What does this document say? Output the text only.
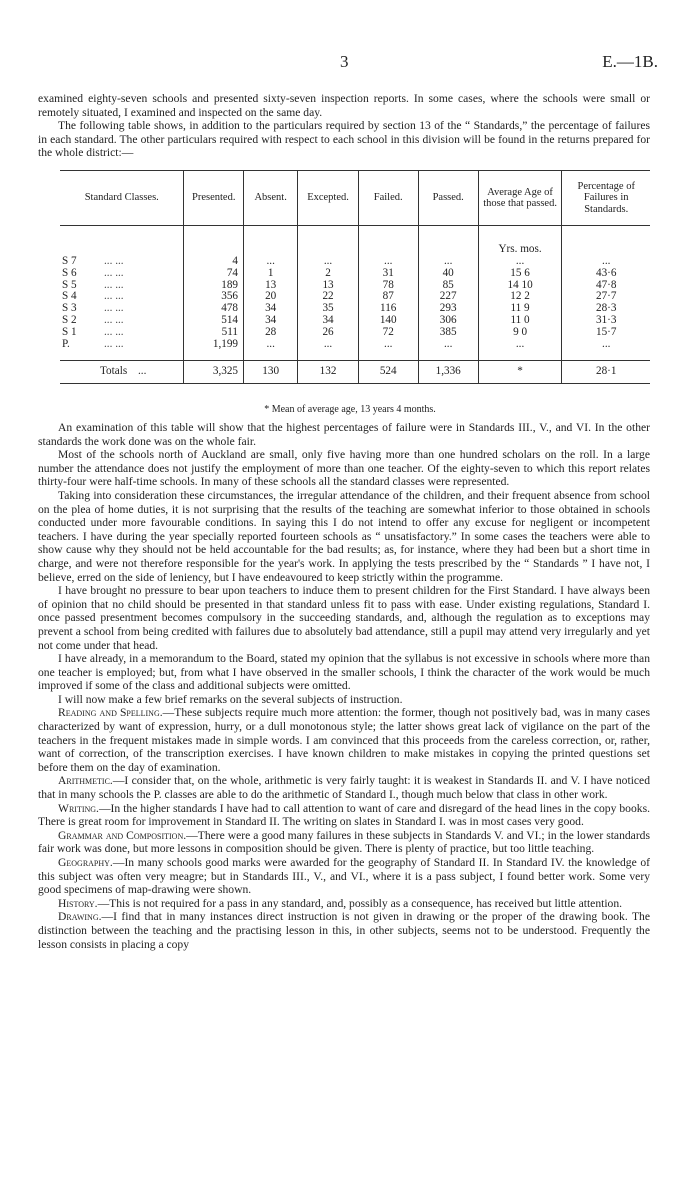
3	E.—1B.

examined eighty-seven schools and presented sixty-seven inspection reports. In some cases, where the schools were small or remotely situated, I examined and inspected on the same day.

The following table shows, in addition to the particulars required by section 13 of the “ Standards,” the percentage of failures in each standard. The other particulars required with respect to each school in this division will be found in the returns prepared for the whole district:—

Standard Classes.	Presented.	Absent.	Excepted.	Failed.	Passed.	Average Age of those that passed.	Percentage of Failures in Standards.

						Yrs. mos.	
S 7 ... ...	4	...	...	...	...	...	...
S 6 ... ...	74	1	2	31	40	15 6	43·6
S 5 ... ...	189	13	13	78	85	14 10	47·8
S 4 ... ...	356	20	22	87	227	12 2	27·7
S 3 ... ...	478	34	35	116	293	11 9	28·3
S 2 ... ...	514	34	34	140	306	11 0	31·3
S 1 ... ...	511	28	26	72	385	9 0	15·7
P. ... ...	1,199	...	...	...	...	...	...

Totals ...	3,325	130	132	524	1,336	*	28·1
* Mean of average age, 13 years 4 months.

An examination of this table will show that the highest percentages of failure were in Standards III., V., and VI. In the other standards the work done was on the whole fair.

Most of the schools north of Auckland are small, only five having more than one hundred scholars on the roll. In a large number the attendance does not justify the employment of more than one teacher. Of the eighty-seven to which this report relates thirty-four were half-time schools. In many of these schools all the standard classes were represented.

Taking into consideration these circumstances, the irregular attendance of the children, and their frequent absence from school on the plea of home duties, it is not surprising that the results of the teaching are somewhat inferior to those obtained in schools conducted under more favourable conditions. In saying this I do not intend to offer any excuse for negligent or incompetent teachers. I have during the year specially reported fourteen schools as “ unsatisfactory.” In some cases the teachers were able to show cause why they should not be held accountable for the bad results; as, for instance, where they had been but a short time in charge, and were not therefore responsible for the year's work. In applying the tests prescribed by the “ Standards ” I have not, I believe, erred on the side of leniency, but I have endeavoured to keep strictly within the programme.

I have brought no pressure to bear upon teachers to induce them to present children for the First Standard. I have always been of opinion that no child should be presented in that standard unless fit to pass with ease. Under existing regulations, Standard I. once passed presentment becomes compulsory in the succeeding standards, and, although the regulation as to exceptions may prevent a school from being credited with failures due to absolutely bad attendance, still a pupil may attend very irregularly and yet not come under that head.

I have already, in a memorandum to the Board, stated my opinion that the syllabus is not excessive in schools where more than one teacher is employed; but, from what I have observed in the smaller schools, I think the character of the work would be much improved if some of the class and additional subjects were omitted.

I will now make a few brief remarks on the several subjects of instruction.

Reading and Spelling.—These subjects require much more attention: the former, though not positively bad, was in many cases characterized by want of expression, hurry, or a dull monotonous style; the latter shows great lack of vigilance on the part of the teachers in the frequent mistakes made in simple words. I am convinced that this proceeds from the careless correction, or, rather, want of correction, of the transcription exercises. I have known children to make mistakes in copying the printed questions set before them on the day of examination.

Arithmetic.—I consider that, on the whole, arithmetic is very fairly taught: it is weakest in Standards II. and V. I have noticed that in many schools the P. classes are able to do the arithmetic of Standard I., though much below that class in other work.

Writing.—In the higher standards I have had to call attention to want of care and disregard of the head lines in the copy books. There is great room for improvement in Standard II. The writing on slates in Standard I. was in most cases very good.

Grammar and Composition.—There were a good many failures in these subjects in Standards V. and VI.; in the lower standards fair work was done, but more lessons in composition should be given. There is plenty of practice, but too little teaching.

Geography.—In many schools good marks were awarded for the geography of Standard II. In Standard IV. the knowledge of this subject was often very meagre; but in Standards III., V., and VI., where it is a pass subject, I found better work. Some very good specimens of map-drawing were shown.

History.—This is not required for a pass in any standard, and, possibly as a consequence, has received but little attention.

Drawing.—I find that in many instances direct instruction is not given in drawing or the proper of the drawing book. The distinction between the teaching and the practising lesson in this, in other subjects, seems not to be understood. Frequently the lesson consists in placing a copy
